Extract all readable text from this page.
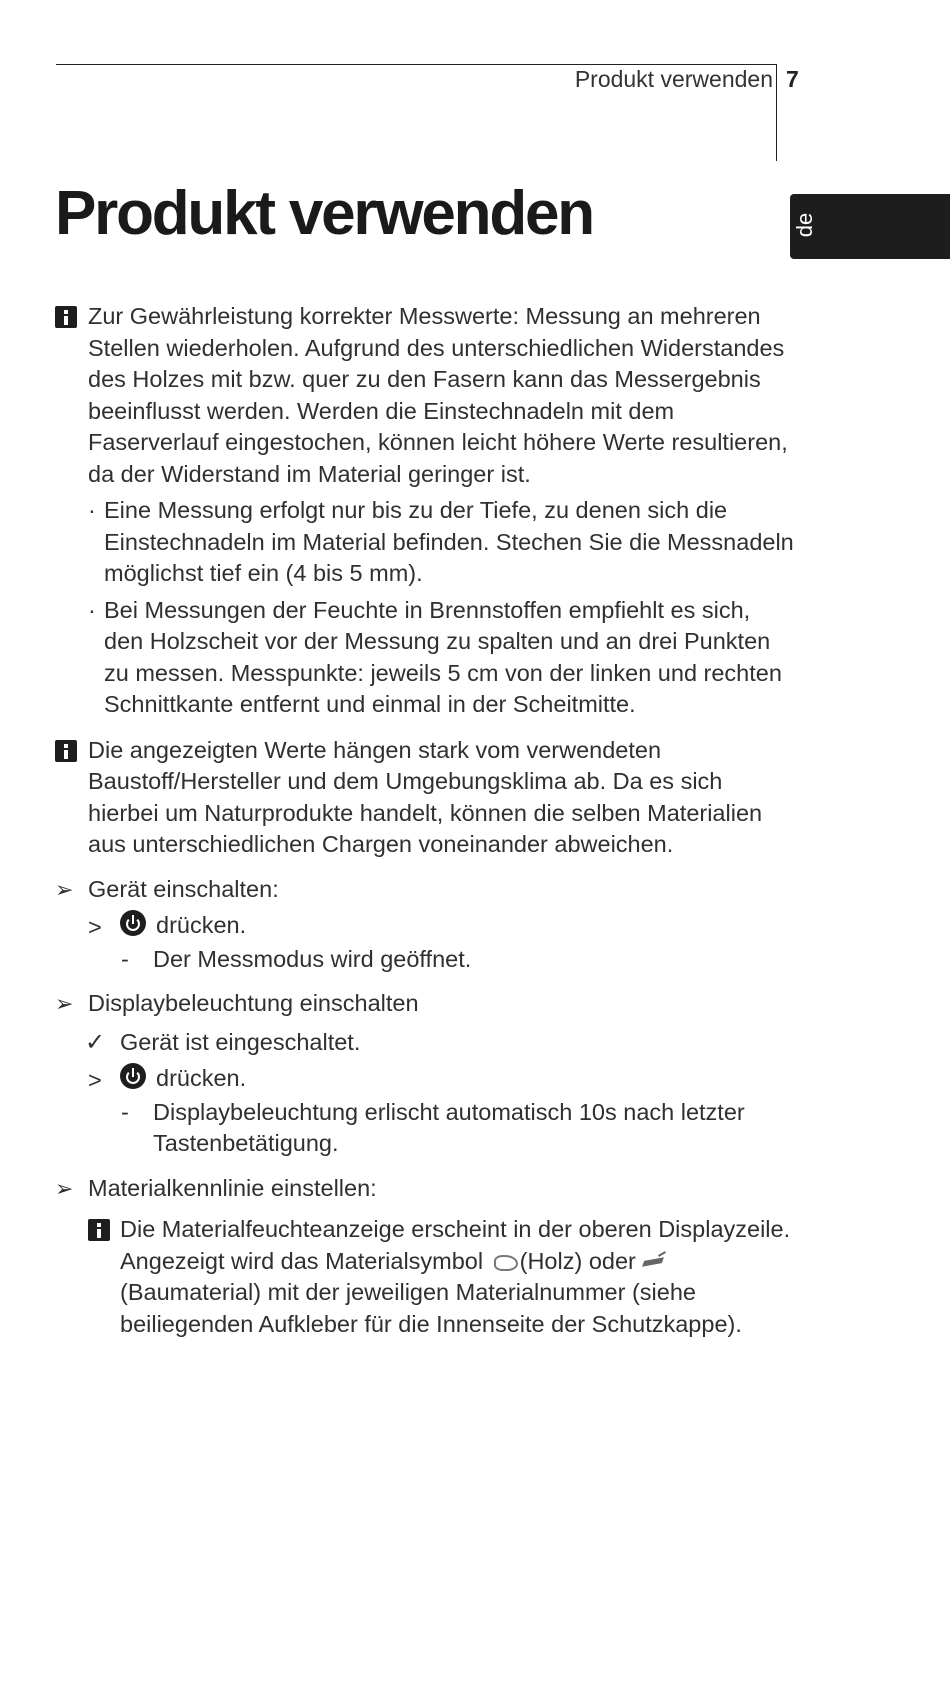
Produkt verwenden 7
de
Produkt verwenden
Zur Gewährleistung korrekter Messwerte: Messung an mehreren Stellen wiederholen. Aufgrund des unterschiedlichen Widerstandes des Holzes mit bzw. quer zu den Fasern kann das Messergebnis beeinflusst werden. Werden die Einstechnadeln mit dem Faserverlauf eingestochen, können leicht höhere Werte resultieren, da der Widerstand im Material geringer ist.
· Eine Messung erfolgt nur bis zu der Tiefe, zu denen sich die Einstechnadeln im Material befinden. Stechen Sie die Messnadeln möglichst tief ein (4 bis 5 mm).
· Bei Messungen der Feuchte in Brennstoffen empfiehlt es sich, den Holzscheit vor der Messung zu spalten und an drei Punkten zu messen. Messpunkte: jeweils 5 cm von der linken und rechten Schnittkante entfernt und einmal in der Scheitmitte.
Die angezeigten Werte hängen stark vom verwendeten Baustoff/Hersteller und dem Umgebungsklima ab. Da es sich hierbei um Naturprodukte handelt, können die selben Materialien aus unterschiedlichen Chargen voneinander abweichen.
➢ Gerät einschalten:
> drücken.
- Der Messmodus wird geöffnet.
➢ Displaybeleuchtung einschalten
✓ Gerät ist eingeschaltet.
> drücken.
- Displaybeleuchtung erlischt automatisch 10s nach letzter Tastenbetätigung.
➢ Materialkennlinie einstellen:
Die Materialfeuchteanzeige erscheint in der oberen Displayzeile. Angezeigt wird das Materialsymbol (Holz) oder  (Baumaterial) mit der jeweiligen Materialnummer (siehe beiliegenden Aufkleber für die Innenseite der Schutzkappe).
